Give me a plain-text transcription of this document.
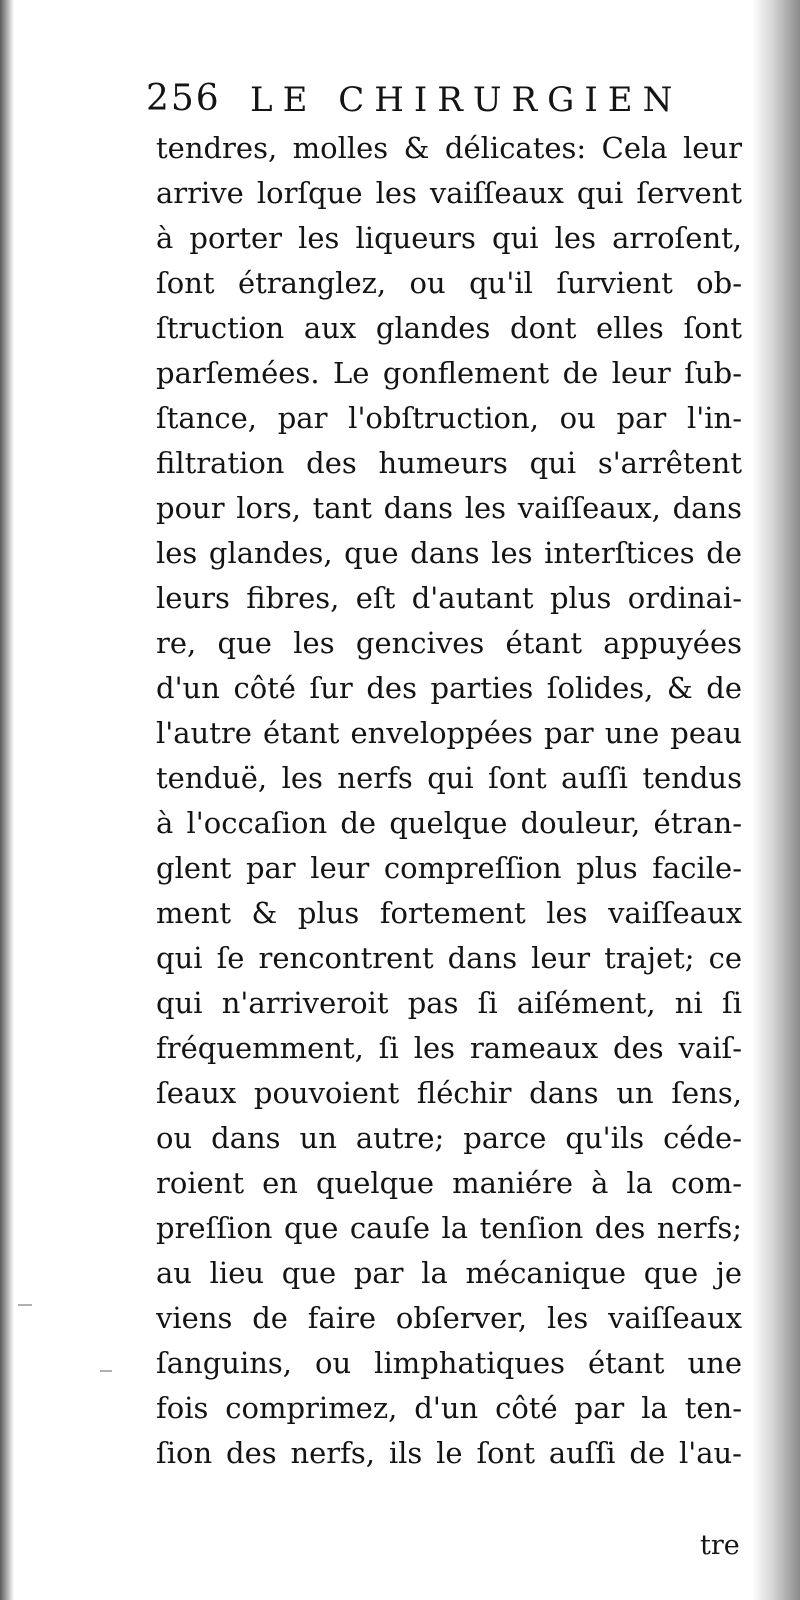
256 LE CHIRURGIEN
tendres, molles & délicates: Cela leur
arrive lorſque les vaiſſeaux qui ſervent
à porter les liqueurs qui les arroſent,
ſont étranglez, ou qu'il ſurvient ob-
ſtruction aux glandes dont elles ſont
parſemées. Le gonflement de leur ſub-
ſtance, par l'obſtruction, ou par l'in-
filtration des humeurs qui s'arrêtent
pour lors, tant dans les vaiſſeaux, dans
les glandes, que dans les interſtices de
leurs fibres, eſt d'autant plus ordinai-
re, que les gencives étant appuyées
d'un côté ſur des parties ſolides, & de
l'autre étant enveloppées par une peau
tenduë, les nerfs qui ſont auſſi tendus
à l'occaſion de quelque douleur, étran-
glent par leur compreſſion plus facile-
ment & plus fortement les vaiſſeaux
qui ſe rencontrent dans leur trajet; ce
qui n'arriveroit pas ſi aiſément, ni ſi
fréquemment, ſi les rameaux des vaiſ-
ſeaux pouvoient fléchir dans un ſens,
ou dans un autre; parce qu'ils céde-
roient en quelque maniére à la com-
preſſion que cauſe la tenſion des nerfs;
au lieu que par la mécanique que je
viens de faire obſerver, les vaiſſeaux
ſanguins, ou limphatiques étant une
fois comprimez, d'un côté par la ten-
ſion des nerfs, ils le ſont auſſi de l'au-
tre
